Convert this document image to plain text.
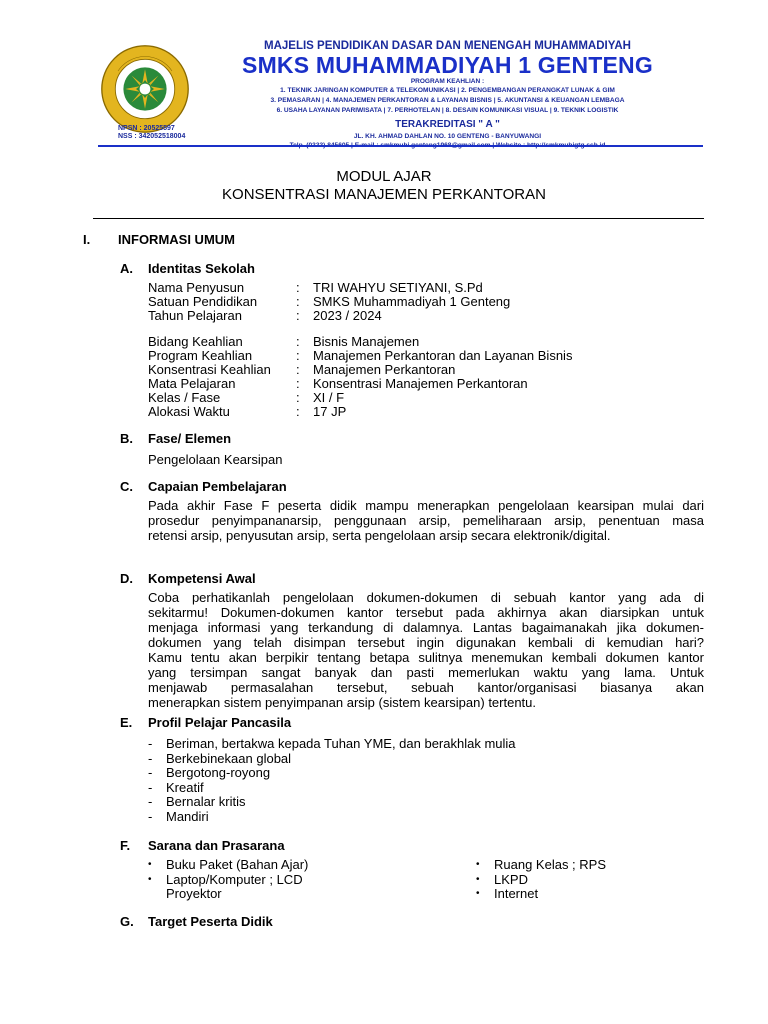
NPSN : 20525597
NSS : 342052518004
MAJELIS PENDIDIKAN DASAR DAN MENENGAH MUHAMMADIYAH
SMKS MUHAMMADIYAH 1 GENTENG
PROGRAM KEAHLIAN :
1. TEKNIK JARINGAN KOMPUTER & TELEKOMUNIKASI | 2. PENGEMBANGAN PERANGKAT LUNAK & GIM
3. PEMASARAN | 4. MANAJEMEN PERKANTORAN & LAYANAN BISNIS | 5. AKUNTANSI & KEUANGAN LEMBAGA
6. USAHA LAYANAN PARIWISATA | 7. PERHOTELAN | 8. DESAIN KOMUNIKASI VISUAL | 9. TEKNIK LOGISTIK
TERAKREDITASI " A "
JL. KH. AHMAD DAHLAN NO. 10 GENTENG - BANYUWANGI
Telp. (0333) 845605 | E-mail : smkmuhi.genteng1968@gmail.com | Website : http://smkmuhigtg.sch.id
MODUL AJAR
KONSENTRASI MANAJEMEN PERKANTORAN
I. INFORMASI UMUM
A. Identitas Sekolah
Nama Penyusun	: TRI WAHYU SETIYANI, S.Pd
Satuan Pendidikan	: SMKS Muhammadiyah 1 Genteng
Tahun Pelajaran	: 2023 / 2024
Bidang Keahlian	: Bisnis Manajemen
Program Keahlian	: Manajemen Perkantoran dan Layanan Bisnis
Konsentrasi Keahlian : Manajemen Perkantoran
Mata Pelajaran	: Konsentrasi Manajemen Perkantoran
Kelas / Fase	: XI / F
Alokasi Waktu	: 17 JP
B. Fase/ Elemen
Pengelolaan Kearsipan
C. Capaian Pembelajaran
Pada akhir Fase F peserta didik mampu menerapkan pengelolaan kearsipan mulai dari
prosedur penyimpananarsip, penggunaan arsip, pemeliharaan arsip, penentuan masa
retensi arsip, penyusutan arsip, serta pengelolaan arsip secara elektronik/digital.
D. Kompetensi Awal
Coba perhatikanlah pengelolaan dokumen-dokumen di sebuah kantor yang ada di
sekitarmu! Dokumen-dokumen kantor tersebut pada akhirnya akan diarsipkan untuk
menjaga informasi yang terkandung di dalamnya. Lantas bagaimanakah jika dokumen-
dokumen yang telah disimpan tersebut ingin digunakan kembali di kemudian hari?
Kamu tentu akan berpikir tentang betapa sulitnya menemukan kembali dokumen kantor
yang tersimpan sangat banyak dan pasti memerlukan waktu yang lama. Untuk
menjawab permasalahan tersebut, sebuah kantor/organisasi biasanya akan
menerapkan sistem penyimpanan arsip (sistem kearsipan) tertentu.
E. Profil Pelajar Pancasila
-	Beriman, bertakwa kepada Tuhan YME, dan berakhlak mulia
-	Berkebinekaan global
-	Bergotong-royong
-	Kreatif
-	Bernalar kritis
-	Mandiri
F. Sarana dan Prasarana
•	Buku Paket (Bahan Ajar)
•	Laptop/Komputer ; LCD
Proyektor
•	Ruang Kelas ; RPS
•	LKPD
•	Internet
G. Target Peserta Didik
